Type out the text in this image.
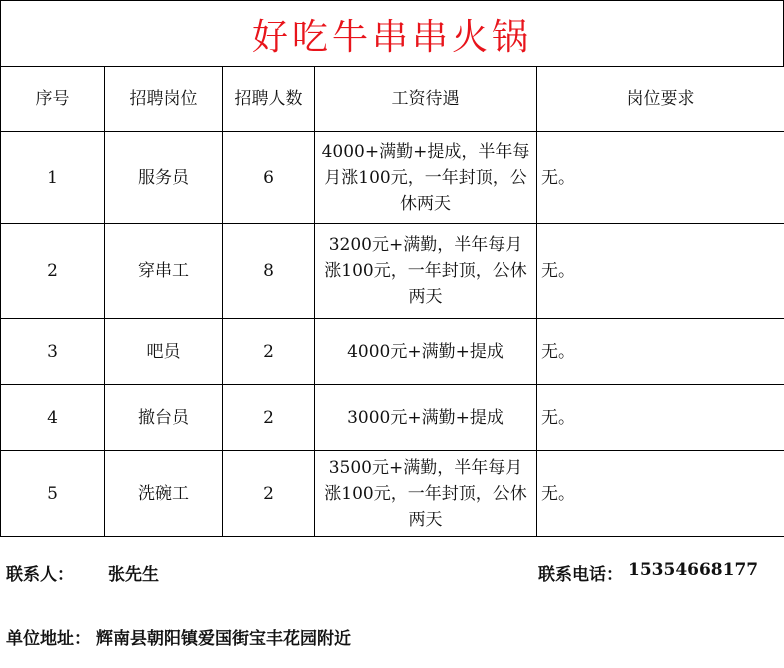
好吃牛串串火锅
序号	招聘岗位	招聘人数	工资待遇	岗位要求
1	服务员	6	4000+满勤+提成，半年每月涨100元，一年封顶，公休两天	无。
2	穿串工	8	3200元+满勤，半年每月涨100元，一年封顶，公休两天	无。
3	吧员	2	4000元+满勤+提成	无。
4	撤台员	2	3000元+满勤+提成	无。
5	洗碗工	2	3500元+满勤，半年每月涨100元，一年封顶，公休两天	无。
联系人： 张先生	联系电话： 15354668177
单位地址： 辉南县朝阳镇爱国街宝丰花园附近
